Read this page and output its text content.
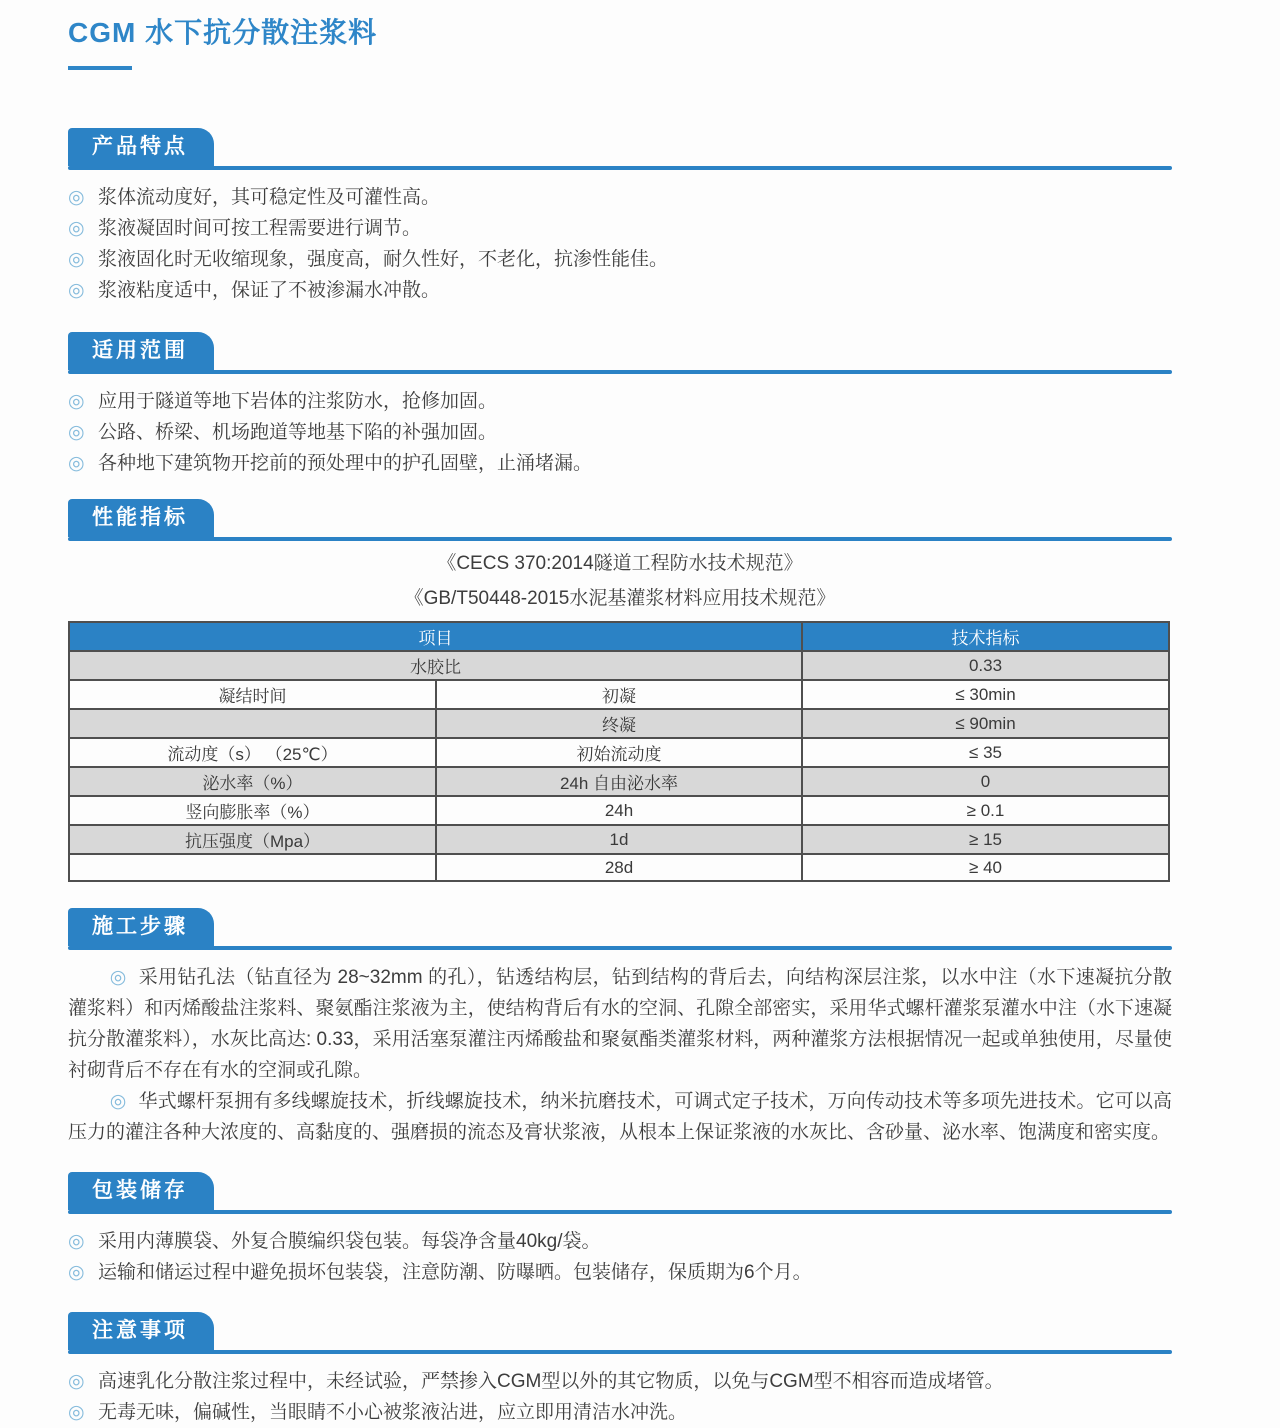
CGM 水下抗分散注浆料
产品特点
◎ 浆体流动度好，其可稳定性及可灌性高。
◎ 浆液凝固时间可按工程需要进行调节。
◎ 浆液固化时无收缩现象，强度高，耐久性好，不老化，抗渗性能佳。
◎ 浆液粘度适中，保证了不被渗漏水冲散。
适用范围
◎ 应用于隧道等地下岩体的注浆防水，抢修加固。
◎ 公路、桥梁、机场跑道等地基下陷的补强加固。
◎ 各种地下建筑物开挖前的预处理中的护孔固壁，止涌堵漏。
性能指标

《CECS 370:2014隧道工程防水技术规范》

《GB/T50448-2015水泥基灌浆材料应用技术规范》

项目		技术指标
水胶比		0.33
凝结时间	初凝	≤ 30min
	终凝	≤ 90min
流动度（s） （25℃）	初始流动度	≤ 35
泌水率（%）	24h 自由泌水率	0
竖向膨胀率（%）	24h	≥ 0.1
抗压强度（Mpa）	1d	≥ 15
	28d	≥ 40
施工步骤

◎ 采用钻孔法（钻直径为 28~32mm 的孔），钻透结构层，钻到结构的背后去，向结构深层注浆，以水中注（水下速凝抗分散灌浆料）和丙烯酸盐注浆料、聚氨酯注浆液为主，使结构背后有水的空洞、孔隙全部密实，采用华式螺杆灌浆泵灌水中注（水下速凝抗分散灌浆料），水灰比高达: 0.33，采用活塞泵灌注丙烯酸盐和聚氨酯类灌浆材料，两种灌浆方法根据情况一起或单独使用，尽量使衬砌背后不存在有水的空洞或孔隙。

◎ 华式螺杆泵拥有多线螺旋技术，折线螺旋技术，纳米抗磨技术，可调式定子技术，万向传动技术等多项先进技术。它可以高压力的灌注各种大浓度的、高黏度的、强磨损的流态及膏状浆液，从根本上保证浆液的水灰比、含砂量、泌水率、饱满度和密实度。

包装储存
◎ 采用内薄膜袋、外复合膜编织袋包装。每袋净含量40kg/袋。
◎ 运输和储运过程中避免损坏包装袋，注意防潮、防曝晒。包装储存，保质期为6个月。
注意事项
◎ 高速乳化分散注浆过程中，未经试验，严禁掺入CGM型以外的其它物质，以免与CGM型不相容而造成堵管。
◎ 无毒无味，偏碱性，当眼睛不小心被浆液沾进，应立即用清洁水冲洗。
